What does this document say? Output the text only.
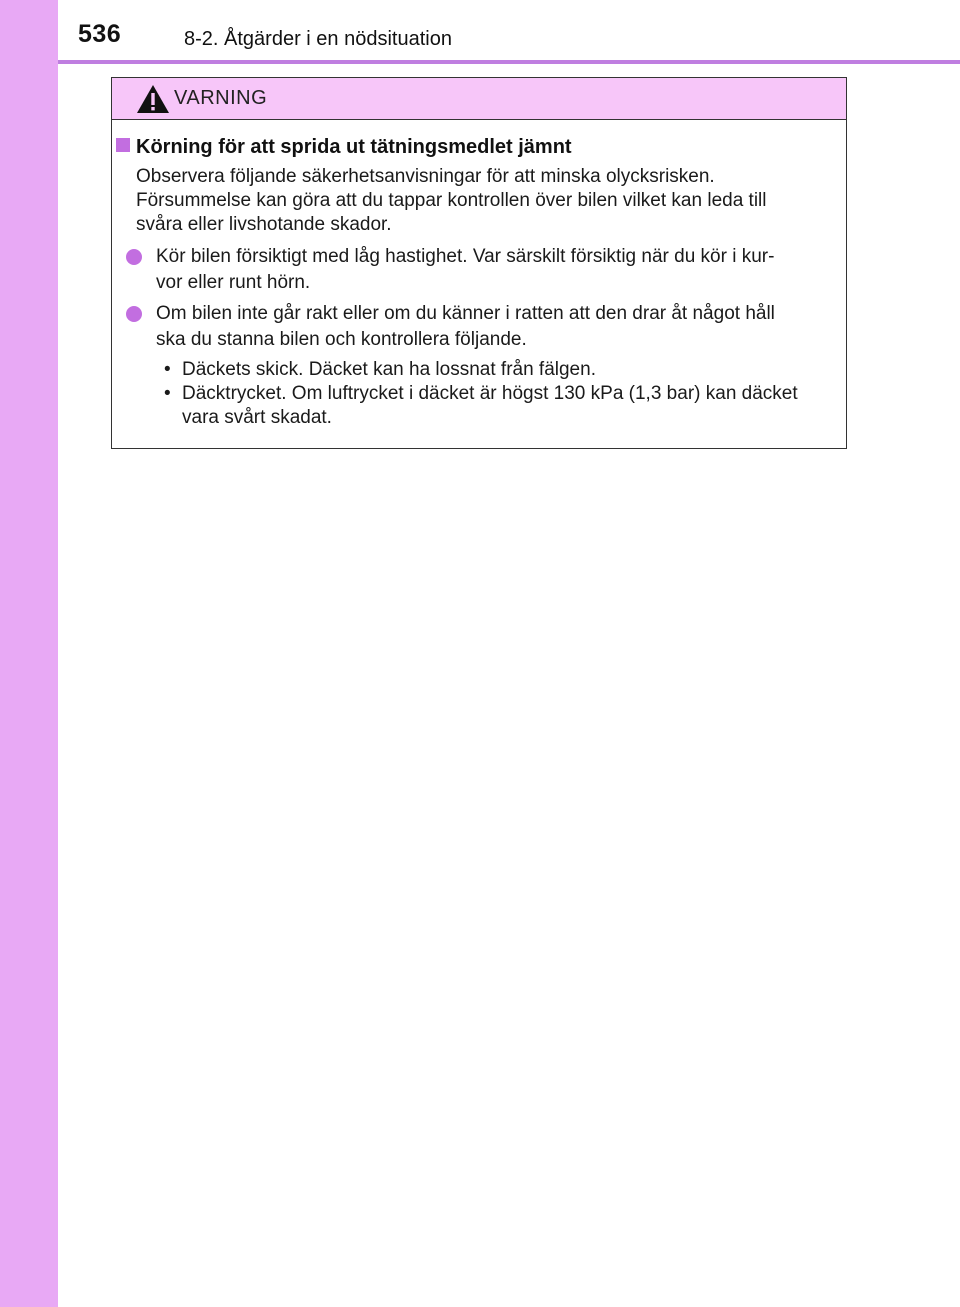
536	8-2. Åtgärder i en nödsituation
VARNING
Körning för att sprida ut tätningsmedlet jämnt
Observera följande säkerhetsanvisningar för att minska olycksrisken.
Försummelse kan göra att du tappar kontrollen över bilen vilket kan leda till
svåra eller livshotande skador.
Kör bilen försiktigt med låg hastighet. Var särskilt försiktig när du kör i kur-
vor eller runt hörn.
Om bilen inte går rakt eller om du känner i ratten att den drar åt något håll
ska du stanna bilen och kontrollera följande.
• Däckets skick. Däcket kan ha lossnat från fälgen.
• Däcktrycket. Om luftrycket i däcket är högst 130 kPa (1,3 bar) kan däcket
vara svårt skadat.
